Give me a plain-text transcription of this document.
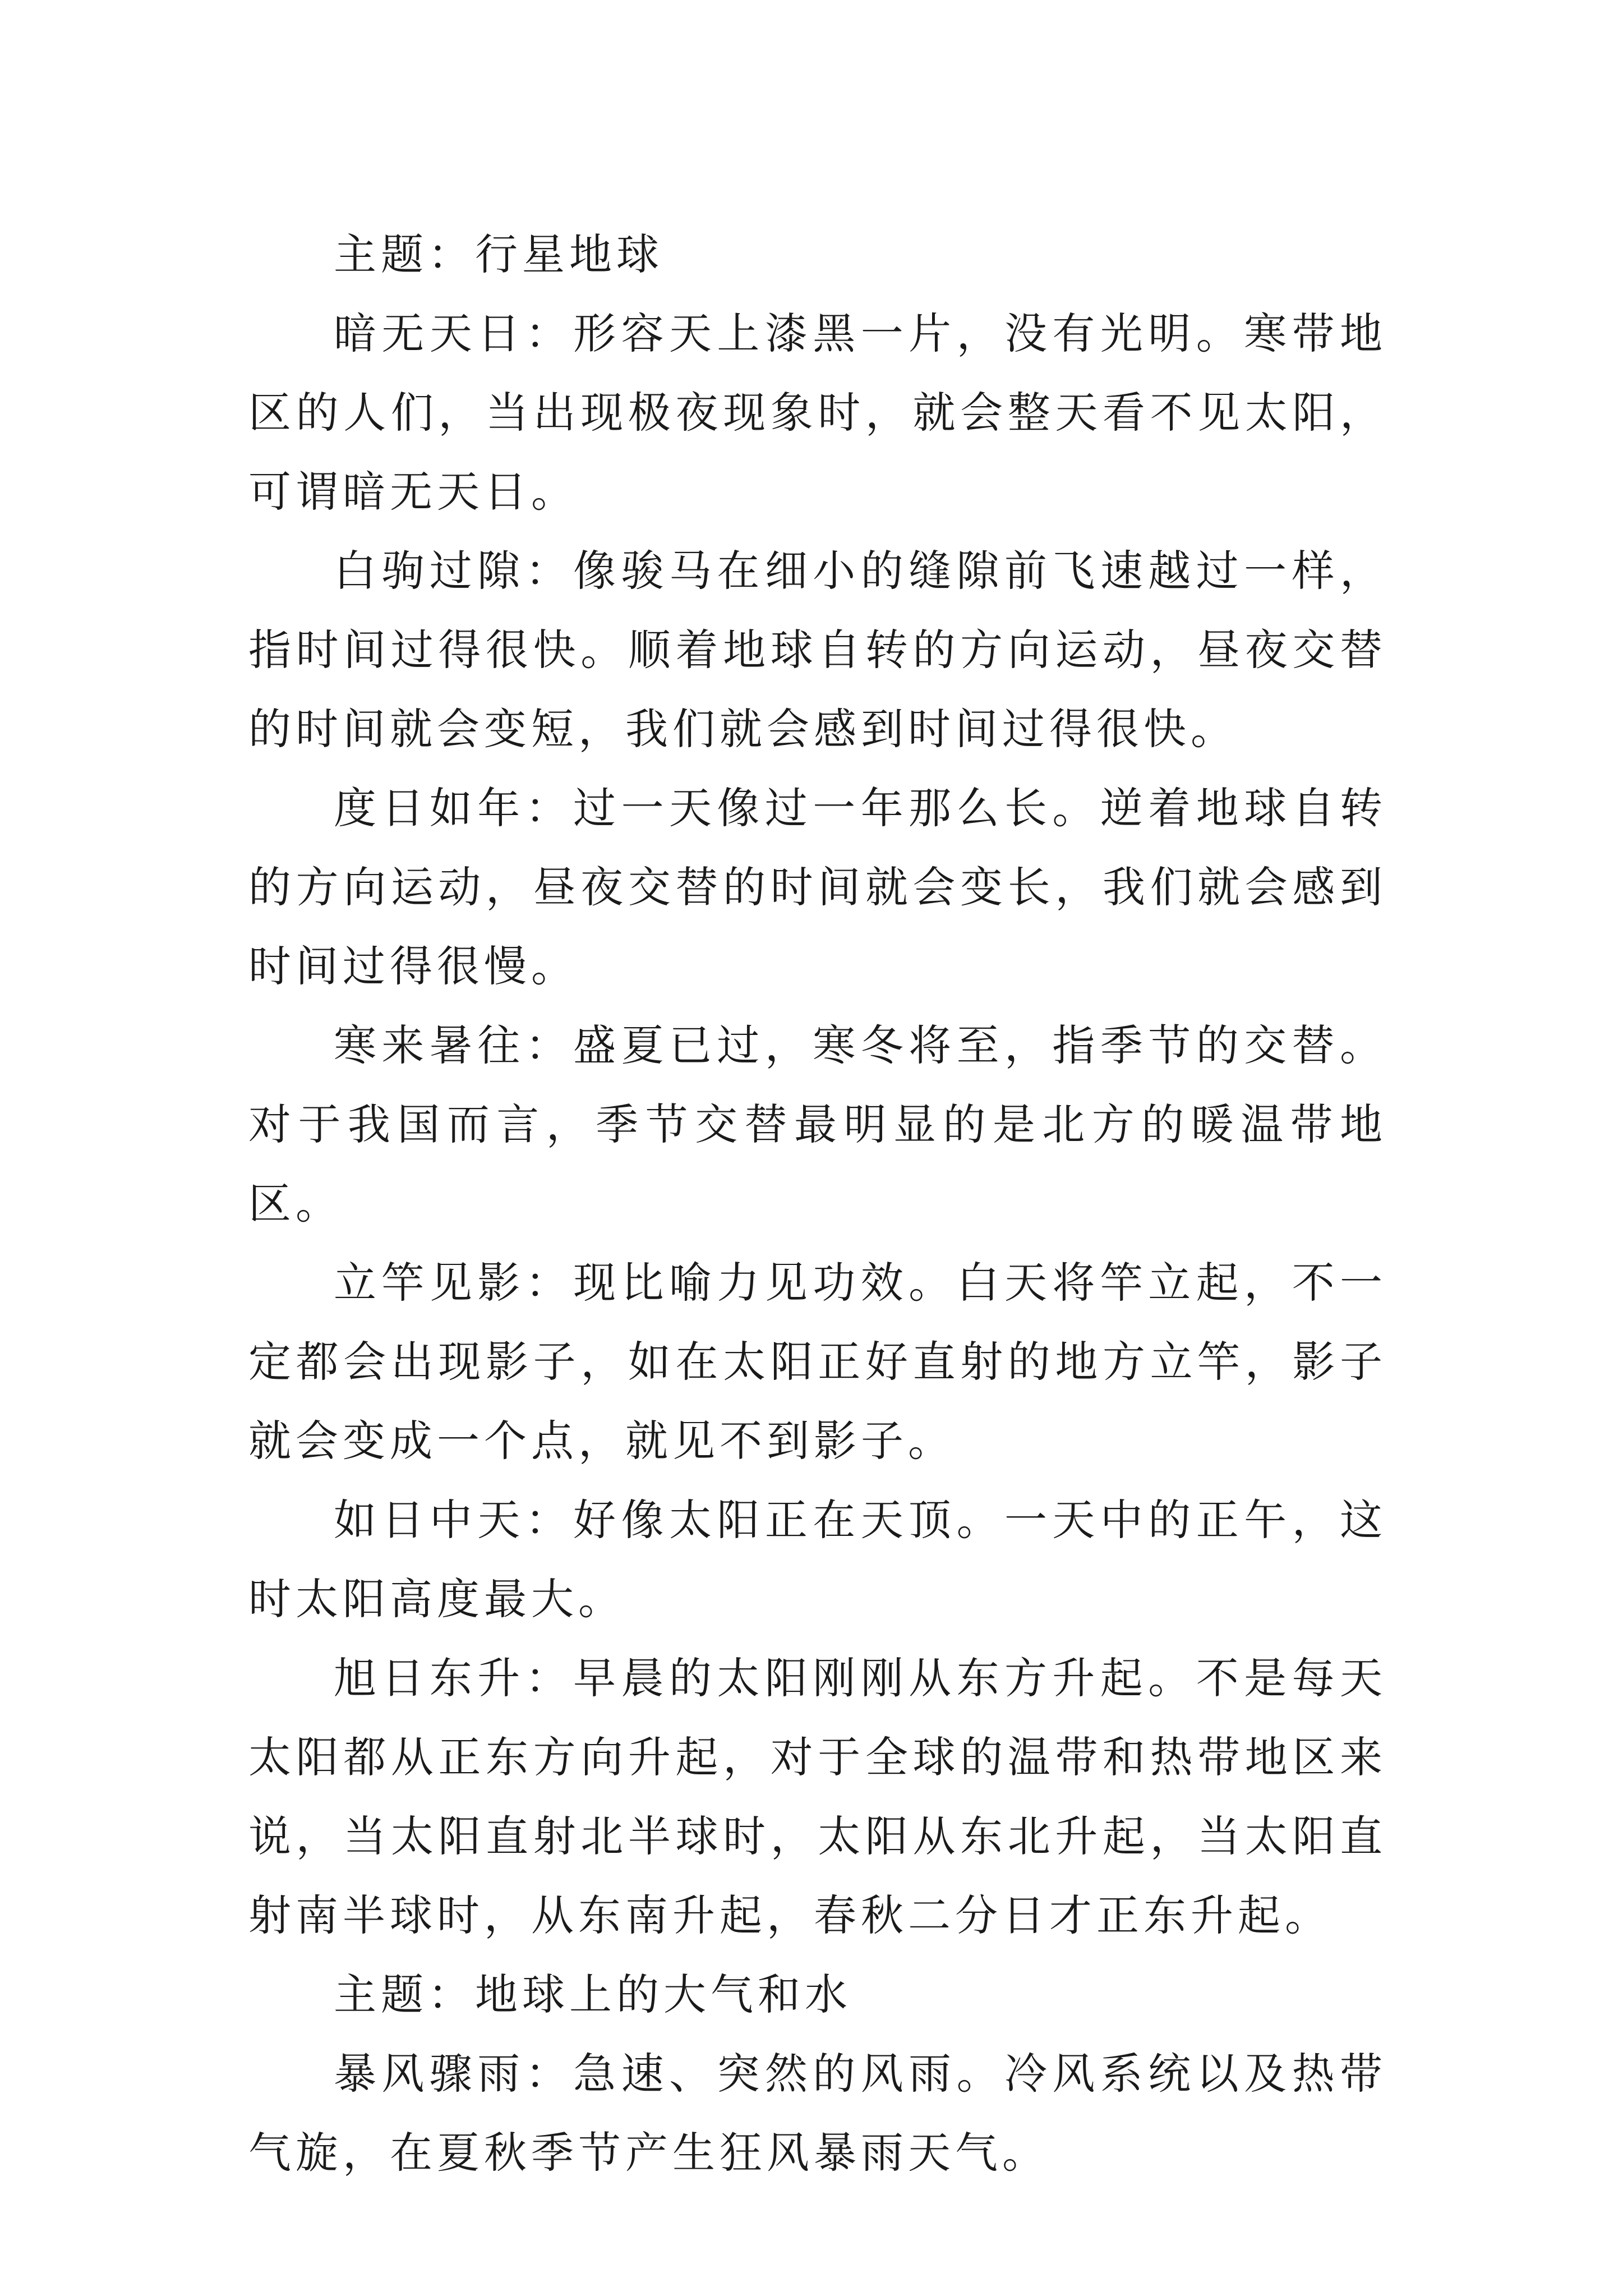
主题：行星地球

暗无天日：形容天上漆黑一片，没有光明。寒带地区的人们，当出现极夜现象时，就会整天看不见太阳，可谓暗无天日。

白驹过隙：像骏马在细小的缝隙前飞速越过一样，指时间过得很快。顺着地球自转的方向运动，昼夜交替的时间就会变短，我们就会感到时间过得很快。

度日如年：过一天像过一年那么长。逆着地球自转的方向运动，昼夜交替的时间就会变长，我们就会感到时间过得很慢。

寒来暑往：盛夏已过，寒冬将至，指季节的交替。对于我国而言，季节交替最明显的是北方的暖温带地区。

立竿见影：现比喻力见功效。白天将竿立起，不一定都会出现影子，如在太阳正好直射的地方立竿，影子就会变成一个点，就见不到影子。

如日中天：好像太阳正在天顶。一天中的正午，这时太阳高度最大。

旭日东升：早晨的太阳刚刚从东方升起。不是每天太阳都从正东方向升起，对于全球的温带和热带地区来说，当太阳直射北半球时，太阳从东北升起，当太阳直射南半球时，从东南升起，春秋二分日才正东升起。

主题：地球上的大气和水

暴风骤雨：急速、突然的风雨。冷风系统以及热带气旋，在夏秋季节产生狂风暴雨天气。
